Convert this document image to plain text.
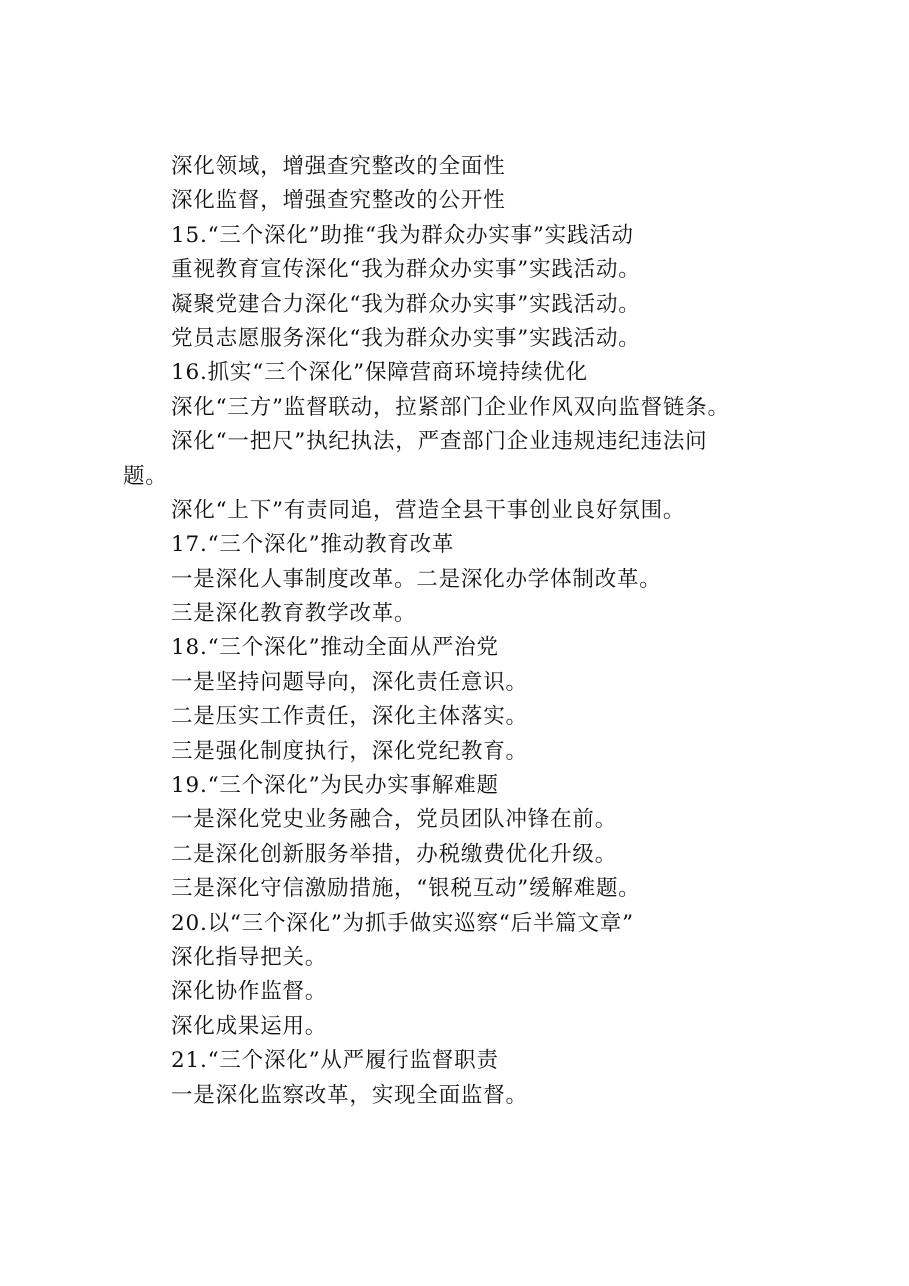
深化领域，增强查究整改的全面性
深化监督，增强查究整改的公开性
15.“三个深化”助推“我为群众办实事”实践活动
重视教育宣传深化“我为群众办实事”实践活动。
凝聚党建合力深化“我为群众办实事”实践活动。
党员志愿服务深化“我为群众办实事”实践活动。
16.抓实“三个深化”保障营商环境持续优化
深化“三方”监督联动，拉紧部门企业作风双向监督链条。
深化“一把尺”执纪执法，严查部门企业违规违纪违法问
题。
深化“上下”有责同追，营造全县干事创业良好氛围。
17.“三个深化”推动教育改革
一是深化人事制度改革。二是深化办学体制改革。
三是深化教育教学改革。
18.“三个深化”推动全面从严治党
一是坚持问题导向，深化责任意识。
二是压实工作责任，深化主体落实。
三是强化制度执行，深化党纪教育。
19.“三个深化”为民办实事解难题
一是深化党史业务融合，党员团队冲锋在前。
二是深化创新服务举措，办税缴费优化升级。
三是深化守信激励措施，“银税互动”缓解难题。
20.以“三个深化”为抓手做实巡察“后半篇文章”
深化指导把关。
深化协作监督。
深化成果运用。
21.“三个深化”从严履行监督职责
一是深化监察改革，实现全面监督。
